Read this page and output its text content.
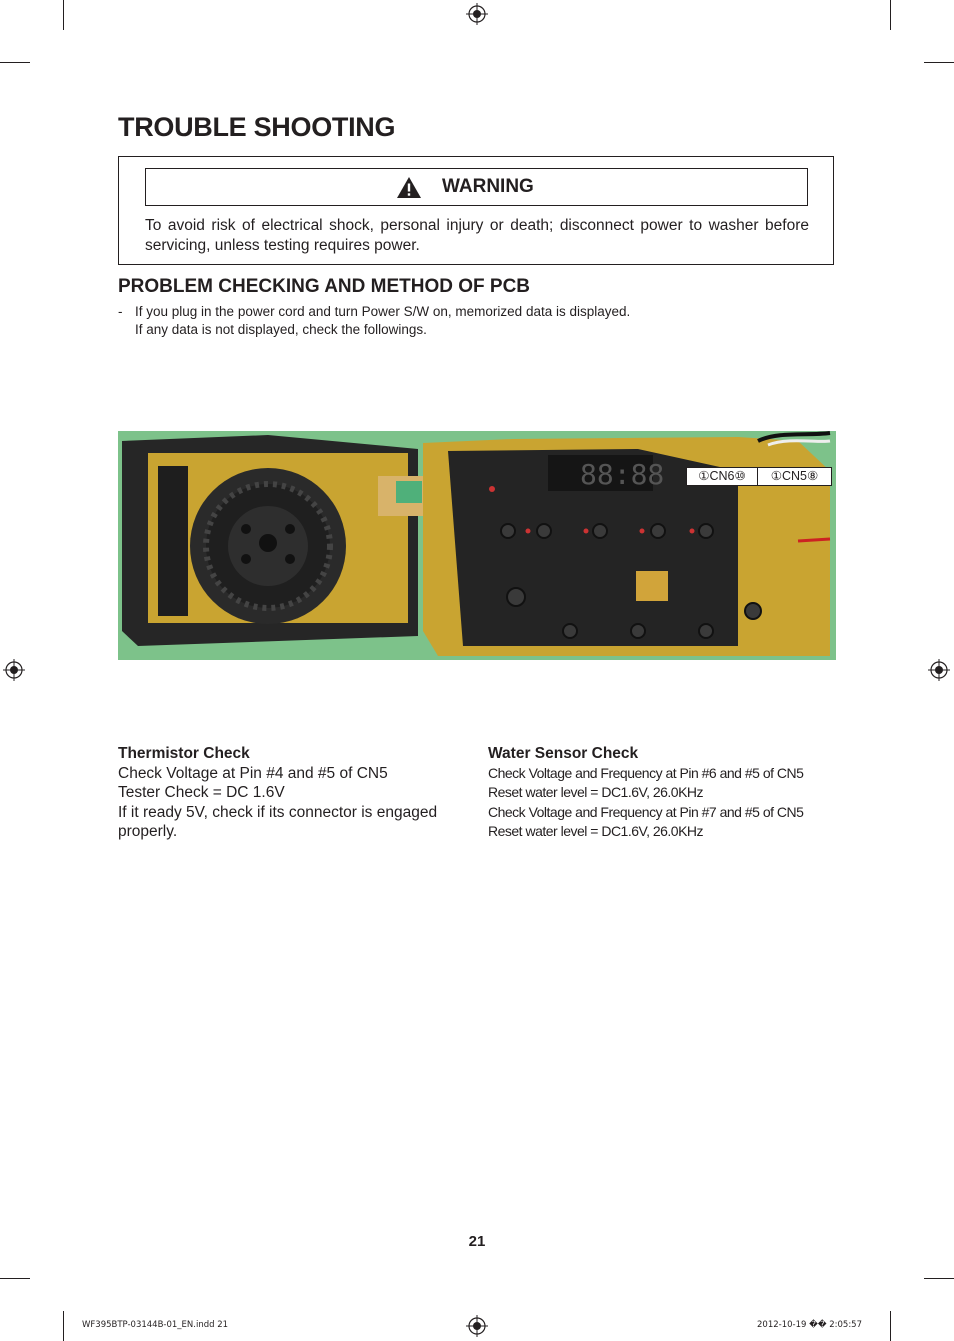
TROUBLE SHOOTING
WARNING
To avoid risk of electrical shock, personal injury or death; disconnect power to washer before servicing, unless testing requires power.
PROBLEM CHECKING AND METHOD OF PCB
- If you plug in the power cord and turn Power S/W on, memorized data is displayed.
If any data is not displayed, check the followings.
88:88	①CN6⑩	①CN5⑧
Thermistor Check
Check Voltage at Pin #4 and #5 of CN5
Tester Check = DC 1.6V
If it ready 5V, check if its connector is engaged
properly.
Water Sensor Check
Check Voltage and Frequency at Pin #6 and #5 of CN5
Reset water level = DC1.6V, 26.0KHz
Check Voltage and Frequency at Pin #7 and #5 of CN5
Reset water level = DC1.6V, 26.0KHz
21
WF395BTP-03144B-01_EN.indd 21	2012-10-19 �� 2:05:57
